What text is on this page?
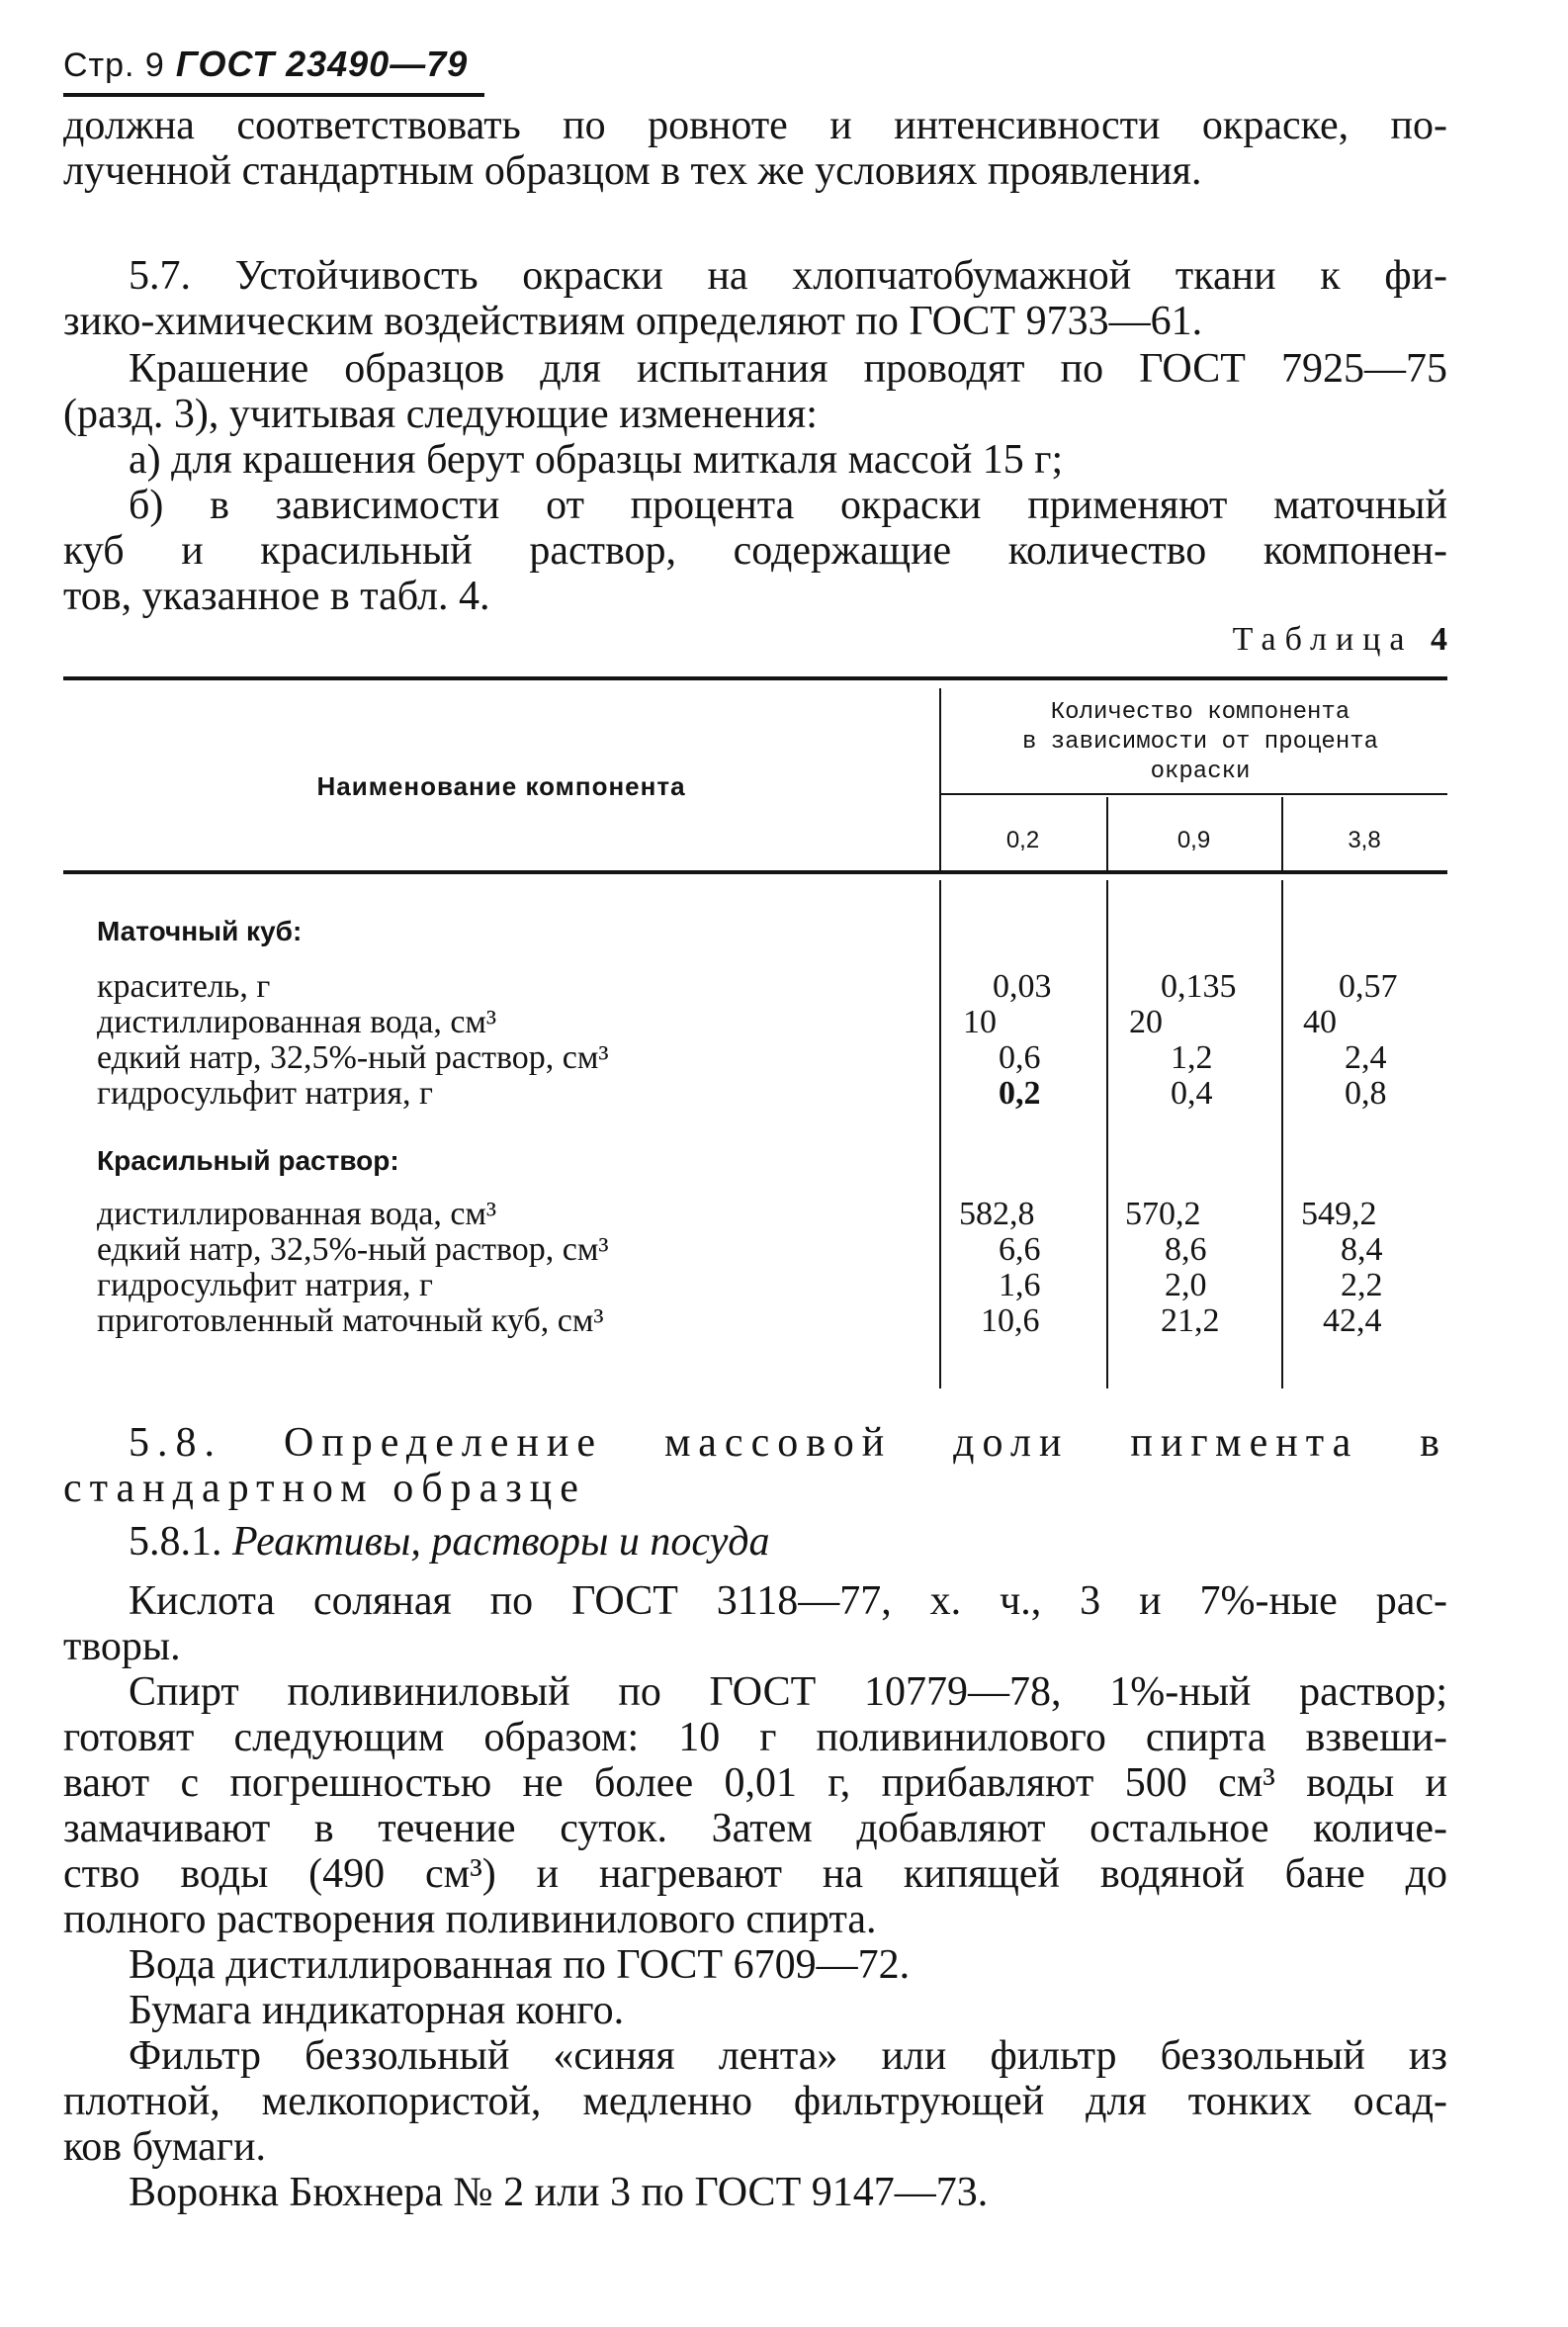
Стр. 9 ГОСТ 23490—79

должна соответствовать по ровноте и интенсивности окраске, по-

лученной стандартным образцом в тех же условиях проявления.

5.7. Устойчивость окраски на хлопчатобумажной ткани к фи-

зико-химическим воздействиям определяют по ГОСТ 9733—61.

Крашение образцов для испытания проводят по ГОСТ 7925—75

(разд. 3), учитывая следующие изменения:

а) для крашения берут образцы миткаля массой 15 г;

б) в зависимости от процента окраски применяют маточный

куб и красильный раствор, содержащие количество компонен-

тов, указанное в табл. 4.

Таблица 4
Наименование компонента
Количество компонента
в зависимости от процента
окраски
0,2	0,9	3,8
Маточный куб:
краситель, г	0,03	0,135	0,57
дистиллированная вода, см³	10	20	40
едкий натр, 32,5%-ный раствор, см³	0,6	1,2	2,4
гидросульфит натрия, г	0,2	0,4	0,8
Красильный раствор:
дистиллированная вода, см³	582,8	570,2	549,2
едкий натр, 32,5%-ный раствор, см³	6,6	8,6	8,4
гидросульфит натрия, г	1,6	2,0	2,2
приготовленный маточный куб, см³	10,6	21,2	42,4

5.8. Определение массовой доли пигмента в

стандартном образце

5.8.1. Реактивы, растворы и посуда

Кислота соляная по ГОСТ 3118—77, х. ч., 3 и 7%-ные рас-

творы.

Спирт поливиниловый по ГОСТ 10779—78, 1%-ный раствор;

готовят следующим образом: 10 г поливинилового спирта взвеши-

вают с погрешностью не более 0,01 г, прибавляют 500 см³ воды и

замачивают в течение суток. Затем добавляют остальное количе-

ство воды (490 см³) и нагревают на кипящей водяной бане до

полного растворения поливинилового спирта.

Вода дистиллированная по ГОСТ 6709—72.

Бумага индикаторная конго.

Фильтр беззольный «синяя лента» или фильтр беззольный из

плотной, мелкопористой, медленно фильтрующей для тонких осад-

ков бумаги.

Воронка Бюхнера № 2 или 3 по ГОСТ 9147—73.
